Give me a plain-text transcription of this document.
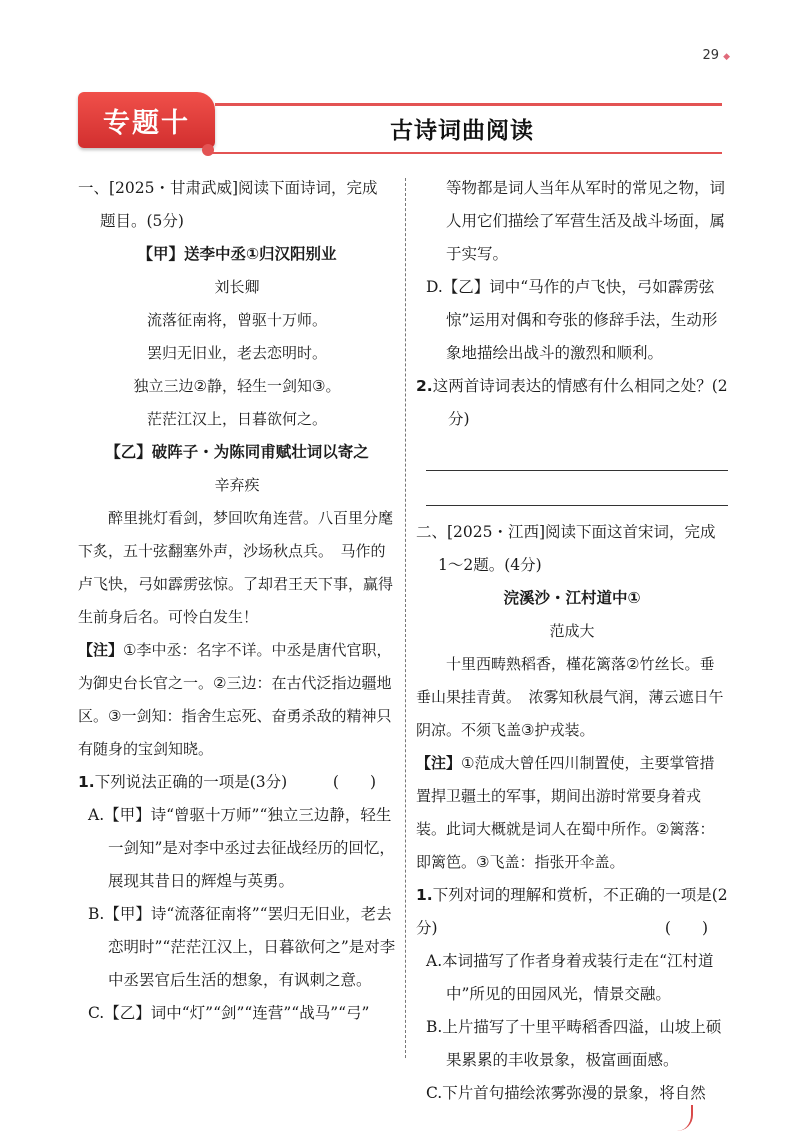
29 ◆
专题十	古诗词曲阅读

一、[2025・甘肃武威]阅读下面诗词，完成

题目。(5分)

【甲】送李中丞①归汉阳别业

刘长卿

流落征南将，曾驱十万师。

罢归无旧业，老去恋明时。

独立三边②静，轻生一剑知③。

茫茫江汉上，日暮欲何之。

【乙】破阵子・为陈同甫赋壮词以寄之

辛弃疾

醉里挑灯看剑，梦回吹角连营。八百里分麾下炙，五十弦翻塞外声，沙场秋点兵。　马作的卢飞快，弓如霹雳弦惊。了却君王天下事，赢得生前身后名。可怜白发生！

【注】①李中丞：名字不详。中丞是唐代官职，为御史台长官之一。②三边：在古代泛指边疆地区。③一剑知：指舍生忘死、奋勇杀敌的精神只有随身的宝剑知晓。

1.下列说法正确的一项是(3分)	(　　)

A.【甲】诗“曾驱十万师”“独立三边静，轻生一剑知”是对李中丞过去征战经历的回忆，展现其昔日的辉煌与英勇。

B.【甲】诗“流落征南将”“罢归无旧业，老去恋明时”“茫茫江汉上，日暮欲何之”是对李中丞罢官后生活的想象，有讽刺之意。

C.【乙】词中“灯”“剑”“连营”“战马”“弓”

等物都是词人当年从军时的常见之物，词人用它们描绘了军营生活及战斗场面，属于实写。

D.【乙】词中“马作的卢飞快，弓如霹雳弦惊”运用对偶和夸张的修辞手法，生动形象地描绘出战斗的激烈和顺利。

2.这两首诗词表达的情感有什么相同之处？(2分)

二、[2025・江西]阅读下面这首宋词，完成

1～2题。(4分)

浣溪沙・江村道中①

范成大

十里西畴熟稻香，槿花篱落②竹丝长。垂垂山果挂青黄。　浓雾知秋晨气润，薄云遮日午阴凉。不须飞盖③护戎装。

【注】①范成大曾任四川制置使，主要掌管措置捍卫疆土的军事，期间出游时常要身着戎装。此词大概就是词人在蜀中所作。②篱落：即篱笆。③飞盖：指张开伞盖。

1.下列对词的理解和赏析，不正确的一项是(2分)	(　　)

A.本词描写了作者身着戎装行走在“江村道中”所见的田园风光，情景交融。

B.上片描写了十里平畴稻香四溢，山坡上硕果累累的丰收景象，极富画面感。

C.下片首句描绘浓雾弥漫的景象，将自然
